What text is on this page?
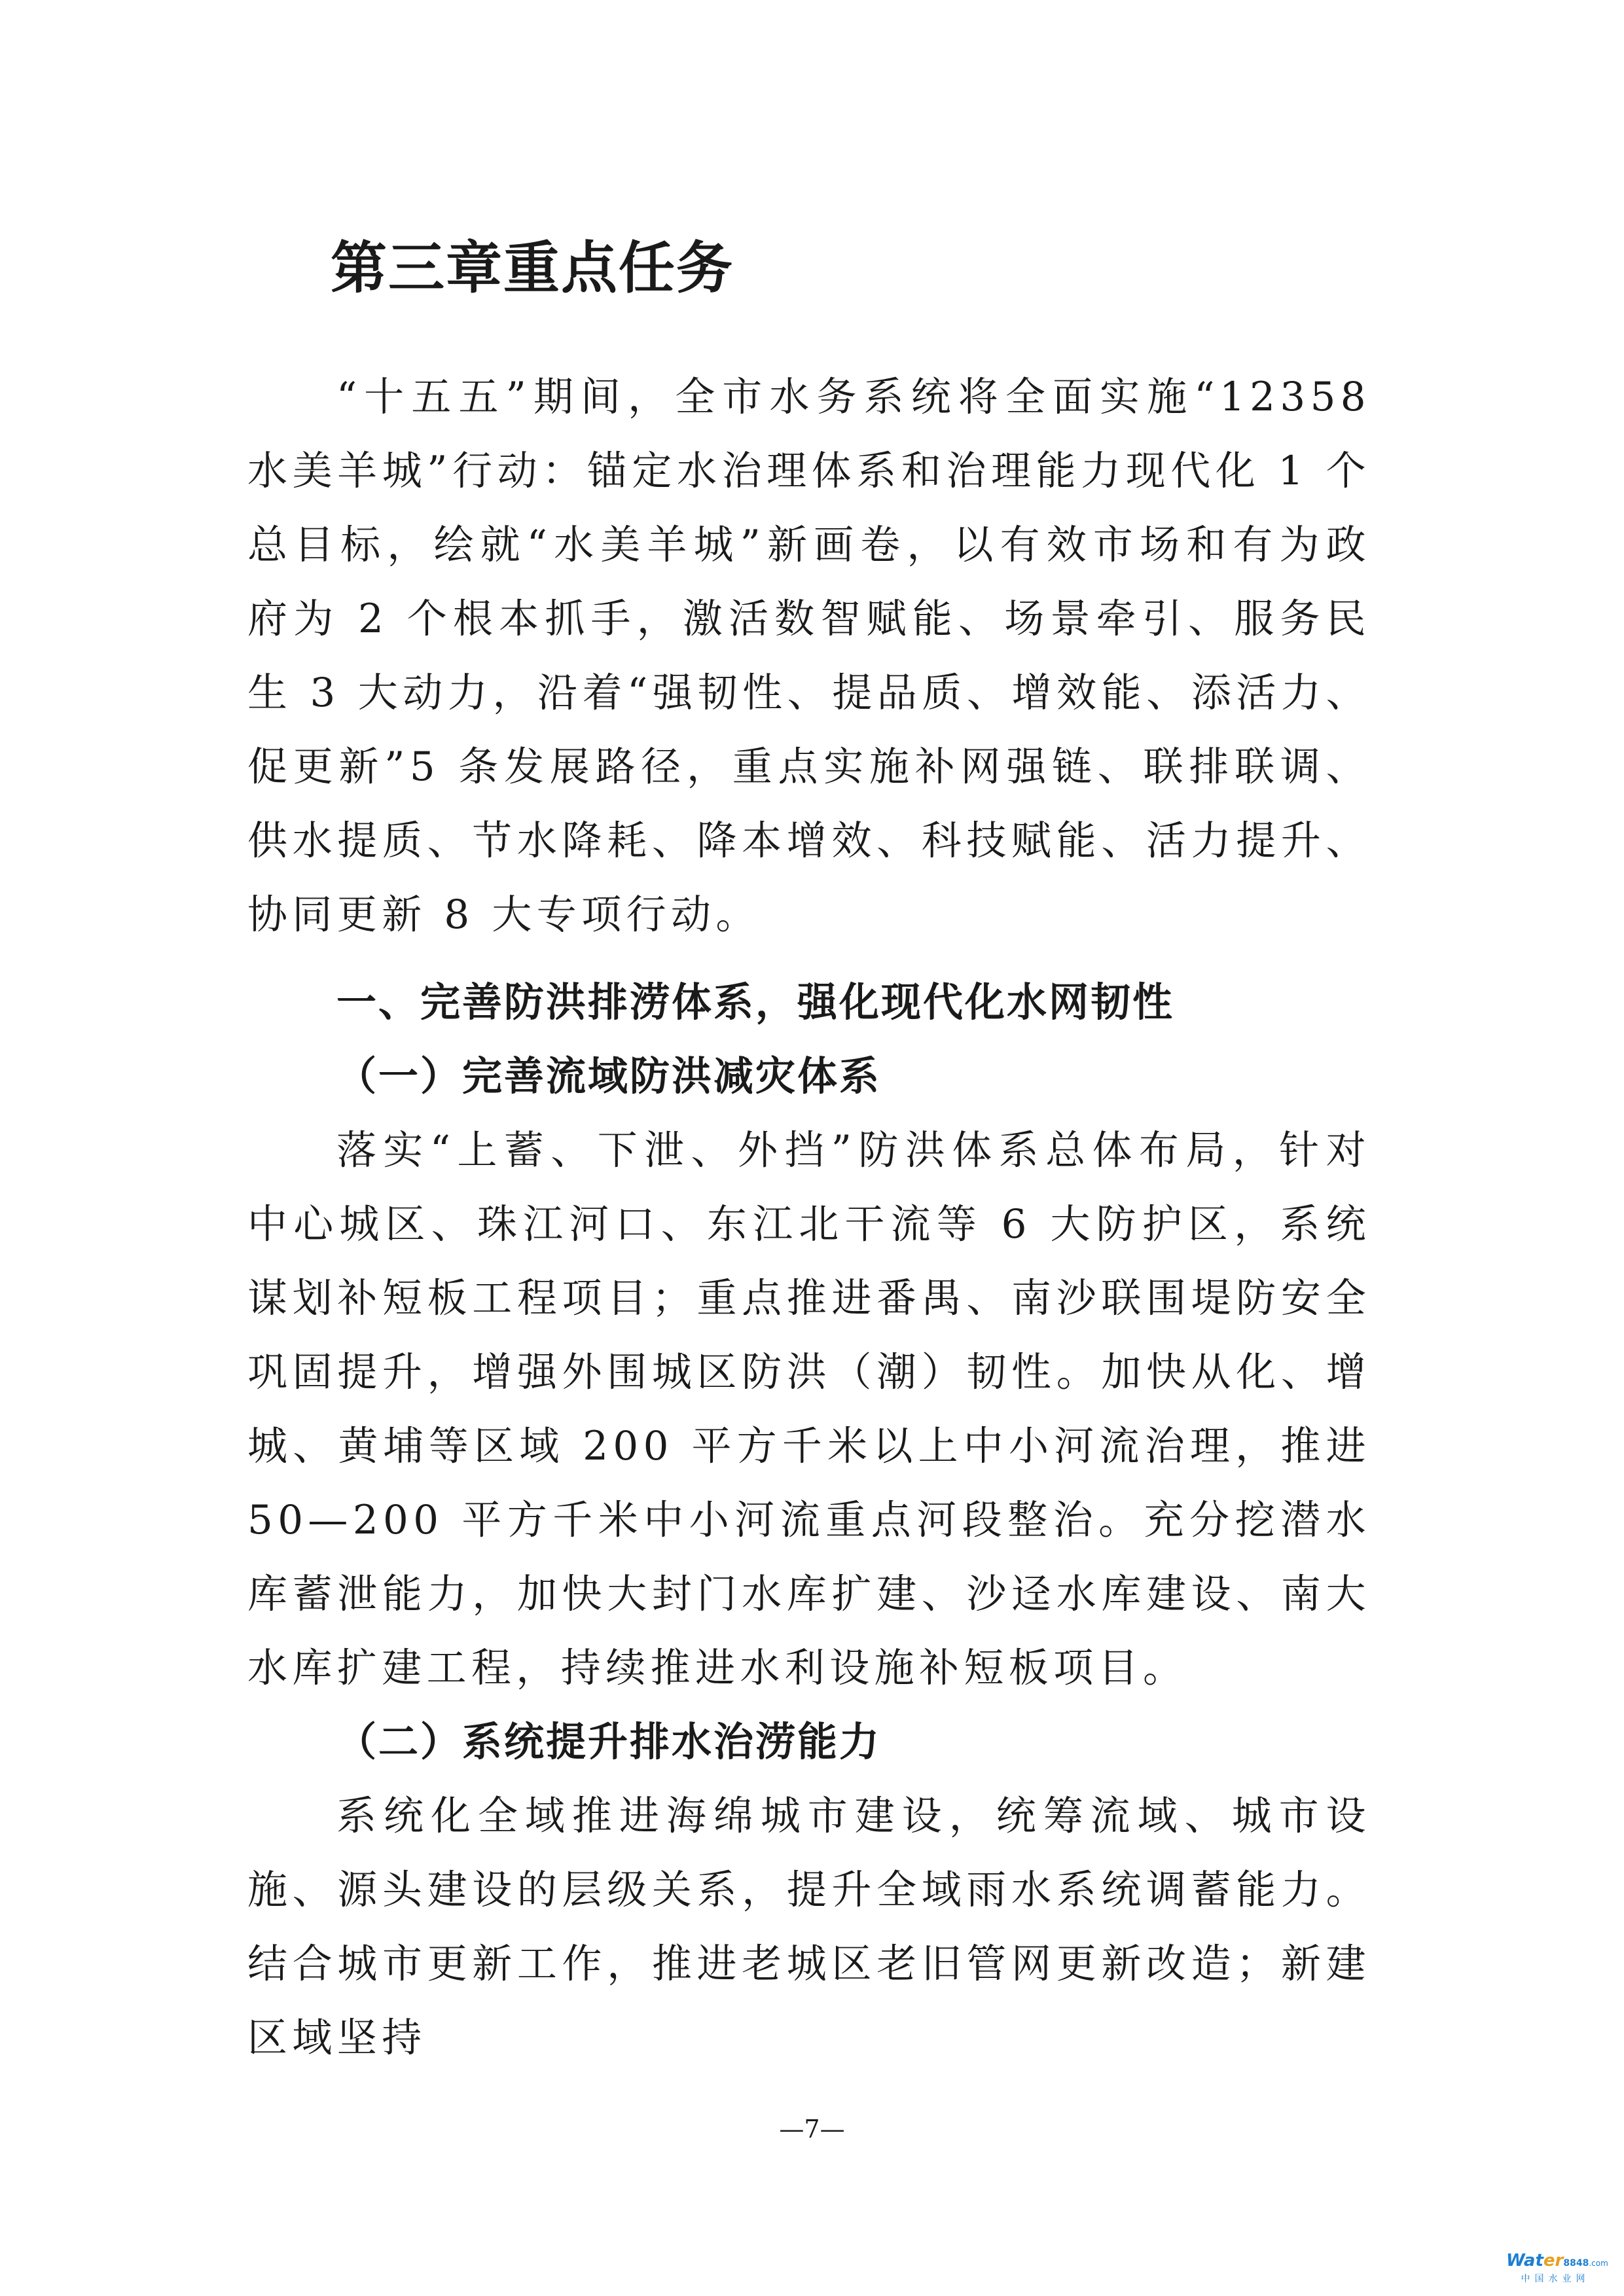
第三章重点任务

“十五五”期间，全市水务系统将全面实施“12358 水美羊城”行动：锚定水治理体系和治理能力现代化 1 个总目标，绘就“水美羊城”新画卷，以有效市场和有为政府为 2 个根本抓手，激活数智赋能、场景牵引、服务民生 3 大动力，沿着“强韧性、提品质、增效能、添活力、促更新”5 条发展路径，重点实施补网强链、联排联调、供水提质、节水降耗、降本增效、科技赋能、活力提升、协同更新 8 大专项行动。

一、完善防洪排涝体系，强化现代化水网韧性
（一）完善流域防洪减灾体系

落实“上蓄、下泄、外挡”防洪体系总体布局，针对中心城区、珠江河口、东江北干流等 6 大防护区，系统谋划补短板工程项目；重点推进番禺、南沙联围堤防安全巩固提升，增强外围城区防洪（潮）韧性。加快从化、增城、黄埔等区域 200 平方千米以上中小河流治理，推进 50—200 平方千米中小河流重点河段整治。充分挖潜水库蓄泄能力，加快大封门水库扩建、沙迳水库建设、南大水库扩建工程，持续推进水利设施补短板项目。

（二）系统提升排水治涝能力

系统化全域推进海绵城市建设，统筹流域、城市设施、源头建设的层级关系，提升全域雨水系统调蓄能力。结合城市更新工作，推进老城区老旧管网更新改造；新建区域坚持

—7—
Water8848.com
中国水业网
